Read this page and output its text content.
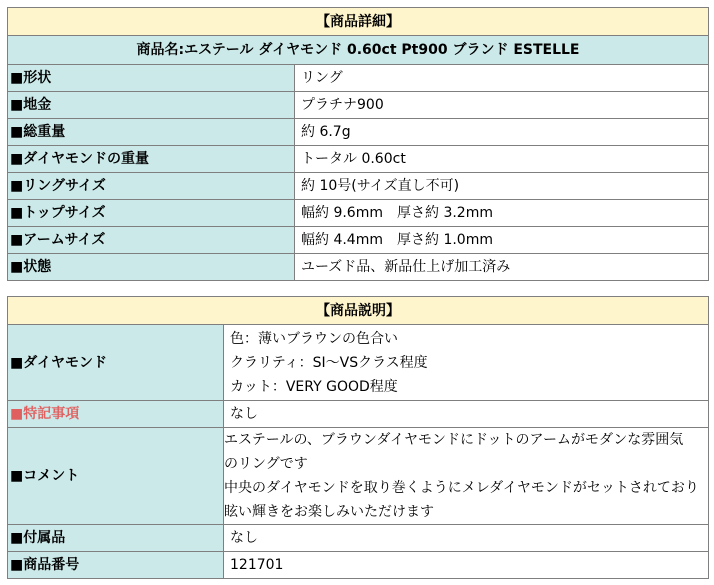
【商品詳細】	
商品名:エステール ダイヤモンド 0.60ct Pt900 ブランド ESTELLE	
■形状	リング
■地金	プラチナ900
■総重量	約 6.7g
■ダイヤモンドの重量	トータル 0.60ct
■リングサイズ	約 10号(サイズ直し不可)
■トップサイズ	幅約 9.6mm　厚さ約 3.2mm
■アームサイズ	幅約 4.4mm　厚さ約 1.0mm
■状態	ユーズド品、新品仕上げ加工済み
【商品説明】	
■ダイヤモンド	色：薄いブラウンの色合い
クラリティ：SI～VSクラス程度
カット：VERY GOOD程度

■特記事項	なし
■コメント	エステールの、ブラウンダイヤモンドにドットのアームがモダンな雰囲気
のリングです
中央のダイヤモンドを取り巻くようにメレダイヤモンドがセットされており
眩い輝きをお楽しみいただけます

■付属品	なし
■商品番号	121701
